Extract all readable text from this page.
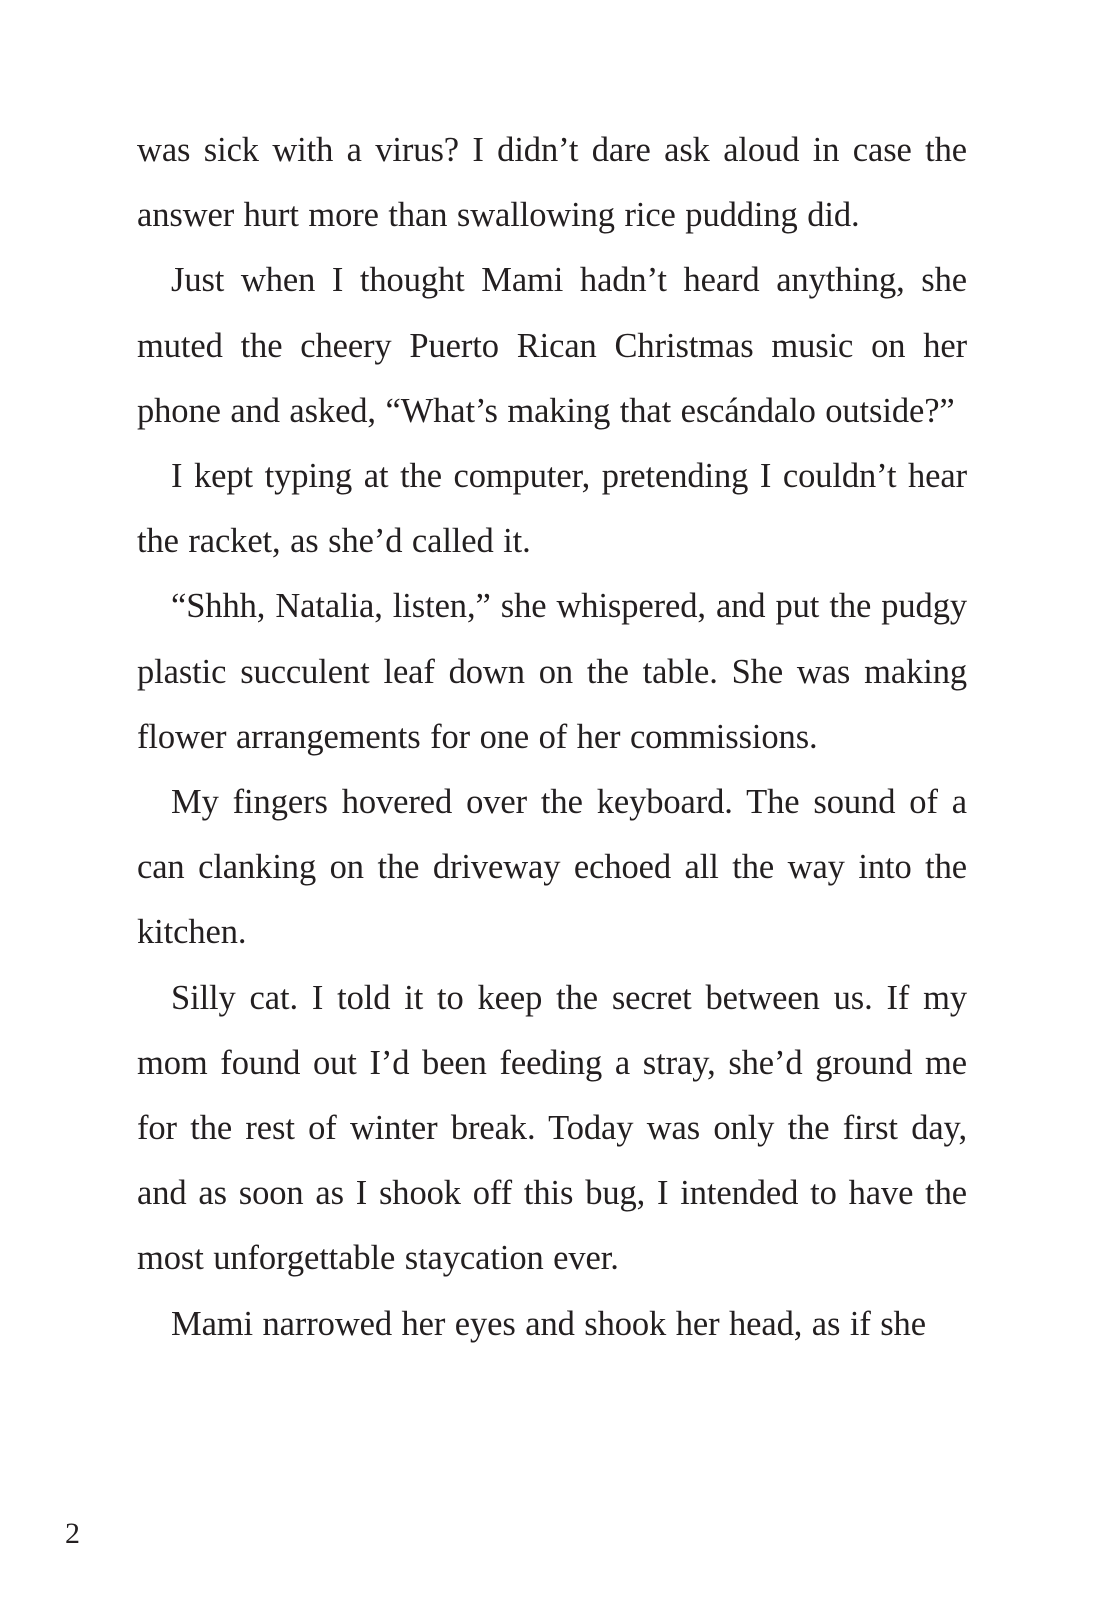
was sick with a virus? I didn’t dare ask aloud in case the answer hurt more than swallowing rice pudding did.

Just when I thought Mami hadn’t heard anything, she muted the cheery Puerto Rican Christmas music on her phone and asked, “What’s making that escándalo outside?”

I kept typing at the computer, pretending I couldn’t hear the racket, as she’d called it.

“Shhh, Natalia, listen,” she whispered, and put the pudgy plastic succulent leaf down on the table. She was making flower arrangements for one of her commissions.

My fingers hovered over the keyboard. The sound of a can clanking on the driveway echoed all the way into the kitchen.

Silly cat. I told it to keep the secret between us. If my mom found out I’d been feeding a stray, she’d ground me for the rest of winter break. Today was only the first day, and as soon as I shook off this bug, I intended to have the most unforgettable staycation ever.

Mami narrowed her eyes and shook her head, as if she

2
